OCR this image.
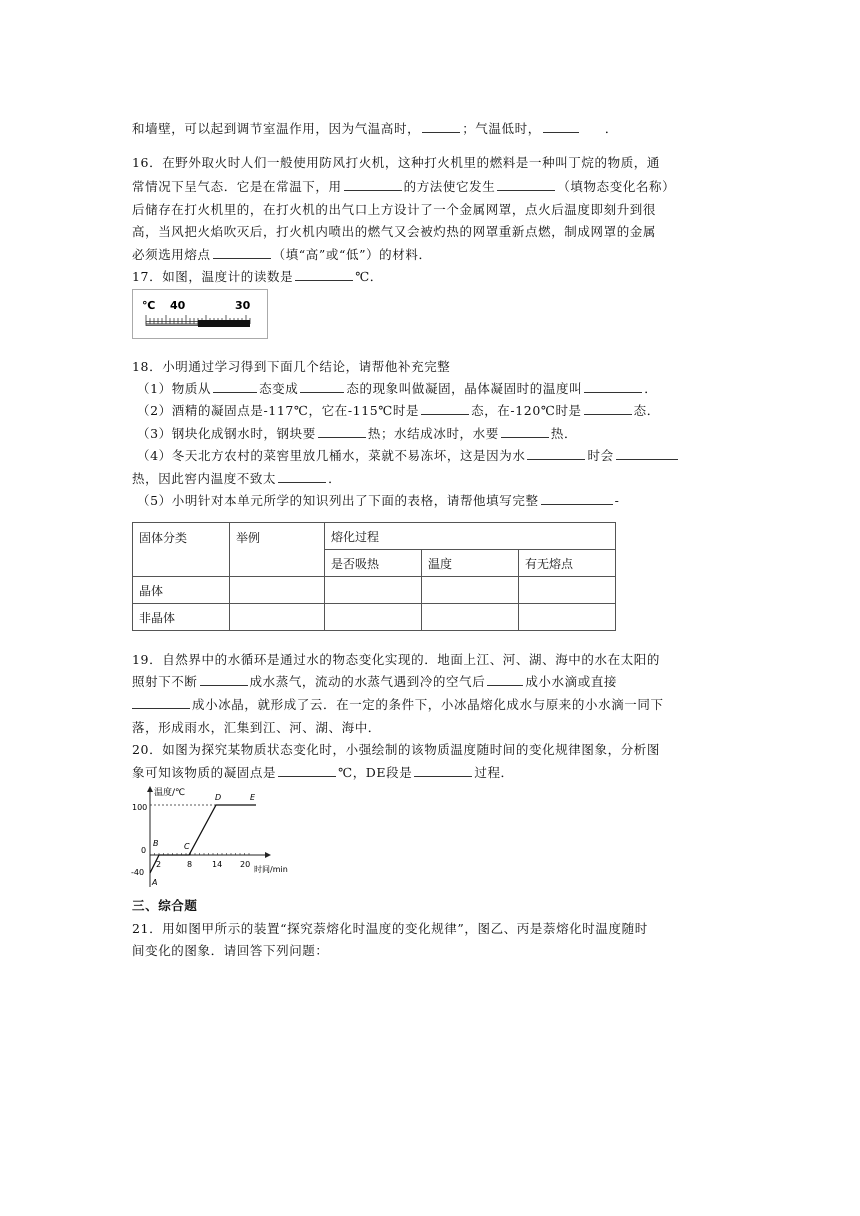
和墙壁，可以起到调节室温作用，因为气温高时，	；气温低时，	．
16．在野外取火时人们一般使用防风打火机，这种打火机里的燃料是一种叫丁烷的物质，通
常情况下呈气态．它是在常温下，用	的方法使它发生	（填物态变化名称）
后储存在打火机里的，在打火机的出气口上方设计了一个金属网罩，点火后温度即刻升到很
高，当风把火焰吹灭后，打火机内喷出的燃气又会被灼热的网罩重新点燃，制成网罩的金属
必须选用熔点	（填“高”或“低”）的材料．
17．如图，温度计的读数是	℃．
℃ 40	30
18．小明通过学习得到下面几个结论，请帮他补充完整
（1）物质从	态变成	态的现象叫做凝固，晶体凝固时的温度叫	．
（2）酒精的凝固点是-117℃，它在-115℃时是	态，在-120℃时是	态．
（3）钢块化成钢水时，钢块要	热；水结成冰时，水要	热．
（4）冬天北方农村的菜窖里放几桶水，菜就不易冻坏，这是因为水	时会
热，因此窖内温度不致太	．
（5）小明针对本单元所学的知识列出了下面的表格，请帮他填写完整	-
固体分类	举例	熔化过程		
		是否吸热	温度	有无熔点
晶体				
非晶体				
19．自然界中的水循环是通过水的物态变化实现的．地面上江、河、湖、海中的水在太阳的
照射下不断	成水蒸气，流动的水蒸气遇到冷的空气后	成小水滴或直接
成小冰晶，就形成了云．在一定的条件下，小冰晶熔化成水与原来的小水滴一同下
落，形成雨水，汇集到江、河、湖、海中．
20．如图为探究某物质状态变化时，小强绘制的该物质温度随时间的变化规律图象，分析图
象可知该物质的凝固点是	℃，DE段是	过程．
温度/℃
时间/min
100
0
-40
2	8 14 20
A
B	C
D	E
三、综合题
21．用如图甲所示的装置“探究萘熔化时温度的变化规律”，图乙、丙是萘熔化时温度随时
间变化的图象．请回答下列问题：
